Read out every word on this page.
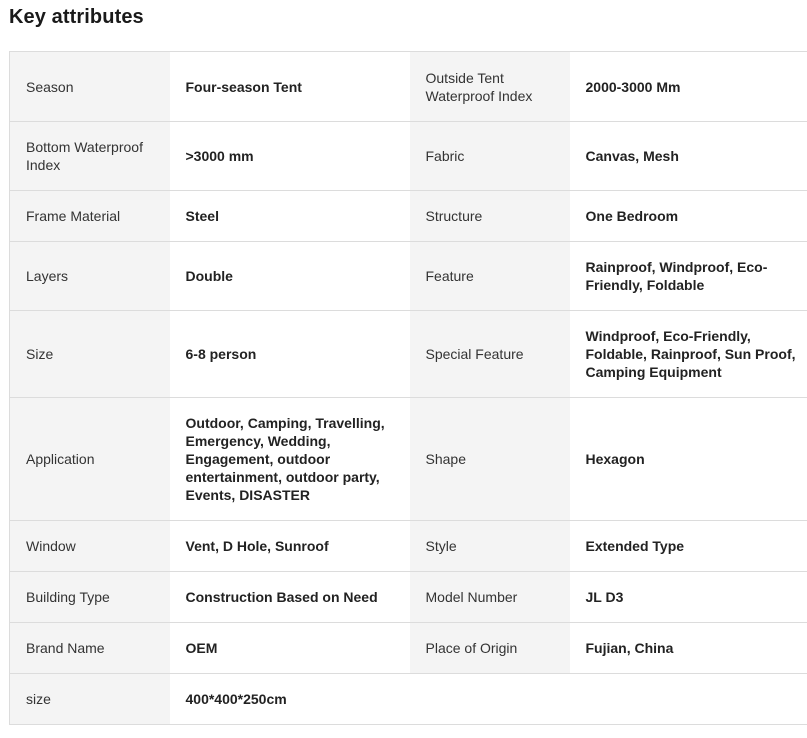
Key attributes
Season	Four-season Tent	Outside Tent Waterproof Index	2000-3000 Mm
Bottom Waterproof Index	>3000 mm	Fabric	Canvas, Mesh
Frame Material	Steel	Structure	One Bedroom
Layers	Double	Feature	Rainproof, Windproof, Eco-Friendly, Foldable
Size	6-8 person	Special Feature	Windproof, Eco-Friendly, Foldable, Rainproof, Sun Proof, Camping Equipment
Application	Outdoor, Camping, Travelling, Emergency, Wedding, Engagement, outdoor entertainment, outdoor party, Events, DISASTER	Shape	Hexagon
Window	Vent, D Hole, Sunroof	Style	Extended Type
Building Type	Construction Based on Need	Model Number	JL D3
Brand Name	OEM	Place of Origin	Fujian, China
size	400*400*250cm		
